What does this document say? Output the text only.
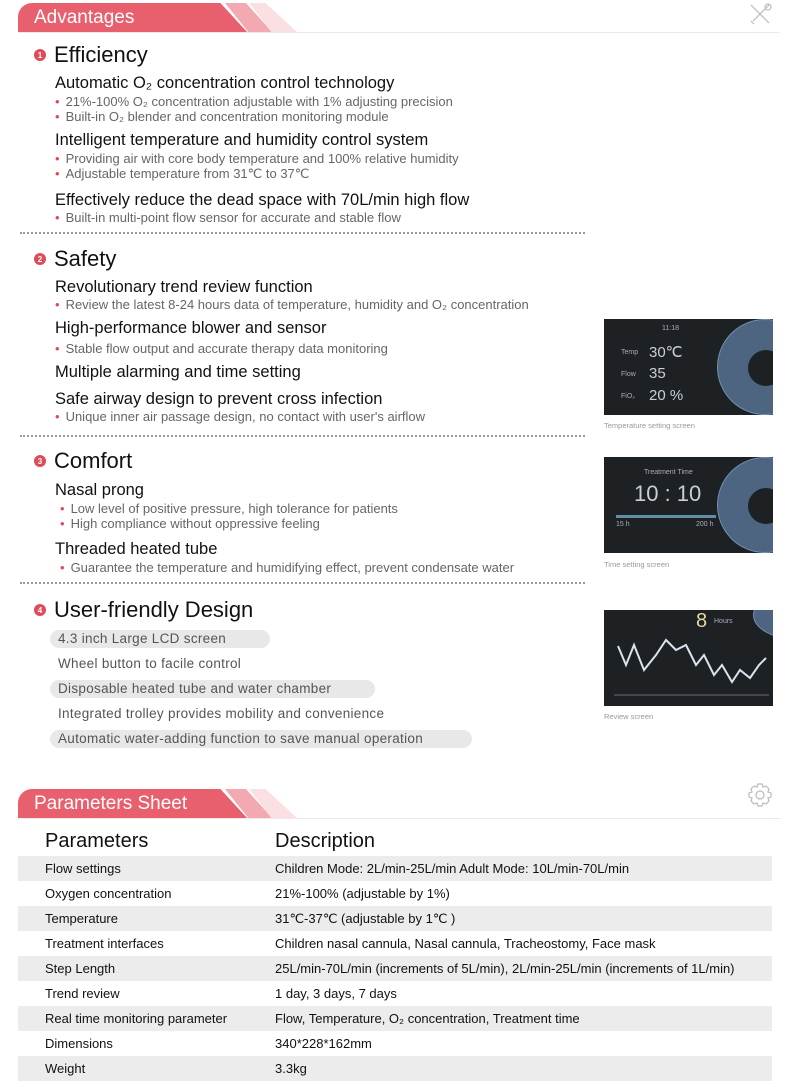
Advantages
1 Efficiency
Automatic O₂ concentration control technology
• 21%-100% O₂ concentration adjustable with 1% adjusting precision
• Built-in O₂ blender and concentration monitoring module
Intelligent temperature and humidity control system
• Providing air with core body temperature and 100% relative humidity
• Adjustable temperature from 31℃ to 37℃
Effectively reduce the dead space with 70L/min high flow
• Built-in multi-point flow sensor for accurate and stable flow
2 Safety
Revolutionary trend review function
• Review the latest 8-24 hours data of temperature, humidity and O₂ concentration
High-performance blower and sensor
• Stable flow output and accurate therapy data monitoring
Multiple alarming and time setting
Safe airway design to prevent cross infection
• Unique inner air passage design, no contact with user's airflow
3 Comfort
Nasal prong
• Low level of positive pressure, high tolerance for patients
• High compliance without oppressive feeling
Threaded heated tube
• Guarantee the temperature and humidifying effect, prevent condensate water
4 User-friendly Design
4.3 inch Large LCD screen
Wheel button to facile control
Disposable heated tube and water chamber
Integrated trolley provides mobility and convenience
Automatic water-adding function to save manual operation
11:18
Temp 30℃
Flow 35
FiO₂ 20 %
Temperature setting screen
Treatment Time
10 : 10
15 h	200 h
Time setting screen
8 Hours
Review screen
Parameters Sheet
Parameters	Description
Flow settings	Children Mode: 2L/min-25L/min Adult Mode: 10L/min-70L/min
Oxygen concentration	21%-100% (adjustable by 1%)
Temperature	31℃-37℃ (adjustable by 1℃ )
Treatment interfaces	Children nasal cannula, Nasal cannula, Tracheostomy, Face mask
Step Length	25L/min-70L/min (increments of 5L/min), 2L/min-25L/min (increments of 1L/min)
Trend review	1 day, 3 days, 7 days
Real time monitoring parameter	Flow, Temperature, O₂ concentration, Treatment time
Dimensions	340*228*162mm
Weight	3.3kg
